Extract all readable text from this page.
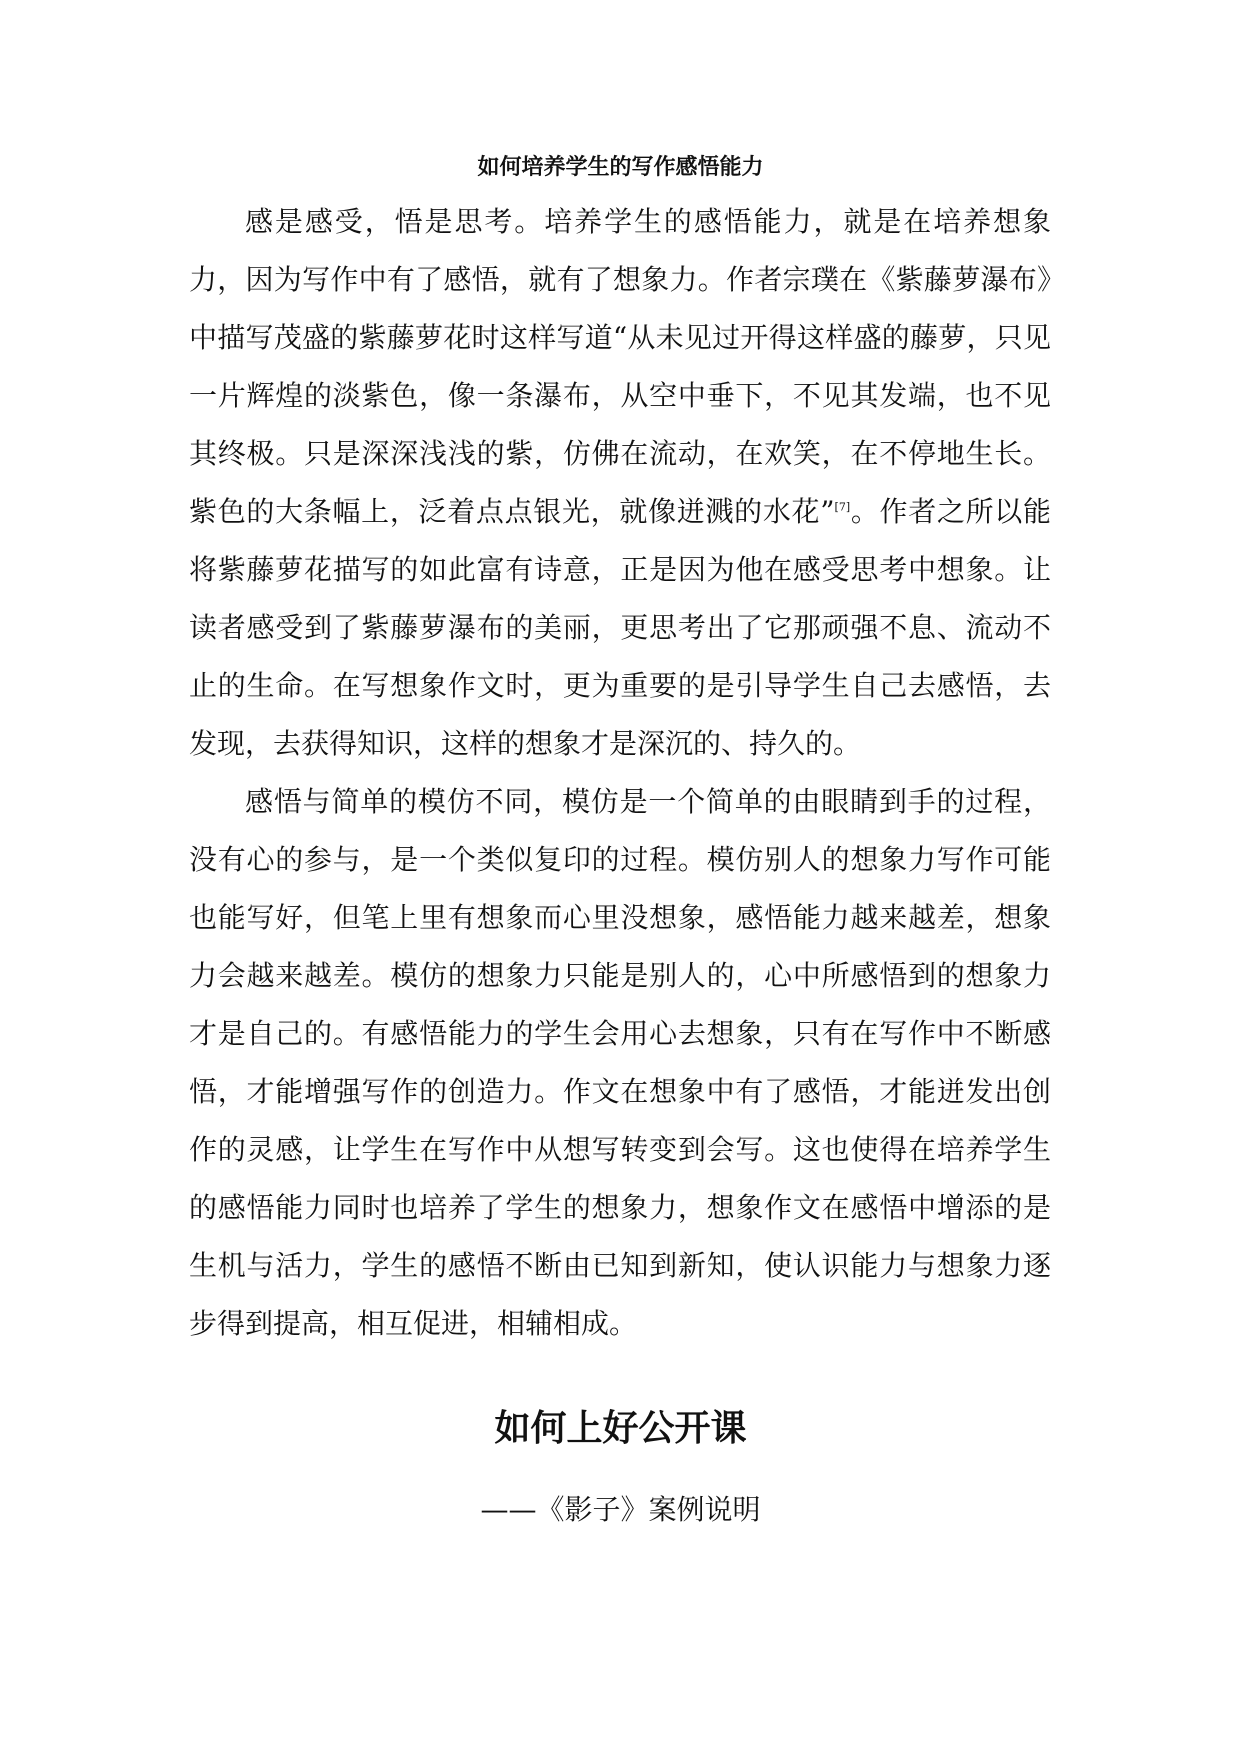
如何培养学生的写作感悟能力

感是感受，悟是思考。培养学生的感悟能力，就是在培养想象力，因为写作中有了感悟，就有了想象力。作者宗璞在《紫藤萝瀑布》中描写茂盛的紫藤萝花时这样写道“从未见过开得这样盛的藤萝，只见一片辉煌的淡紫色，像一条瀑布，从空中垂下，不见其发端，也不见其终极。只是深深浅浅的紫，仿佛在流动，在欢笑，在不停地生长。紫色的大条幅上，泛着点点银光，就像迸溅的水花”[7]。作者之所以能将紫藤萝花描写的如此富有诗意，正是因为他在感受思考中想象。让读者感受到了紫藤萝瀑布的美丽，更思考出了它那顽强不息、流动不止的生命。在写想象作文时，更为重要的是引导学生自己去感悟，去发现，去获得知识，这样的想象才是深沉的、持久的。

感悟与简单的模仿不同，模仿是一个简单的由眼睛到手的过程，没有心的参与，是一个类似复印的过程。模仿别人的想象力写作可能也能写好，但笔上里有想象而心里没想象，感悟能力越来越差，想象力会越来越差。模仿的想象力只能是别人的，心中所感悟到的想象力才是自己的。有感悟能力的学生会用心去想象，只有在写作中不断感悟，才能增强写作的创造力。作文在想象中有了感悟，才能迸发出创作的灵感，让学生在写作中从想写转变到会写。这也使得在培养学生的感悟能力同时也培养了学生的想象力，想象作文在感悟中增添的是生机与活力，学生的感悟不断由已知到新知，使认识能力与想象力逐步得到提高，相互促进，相辅相成。

如何上好公开课

——《影子》案例说明
